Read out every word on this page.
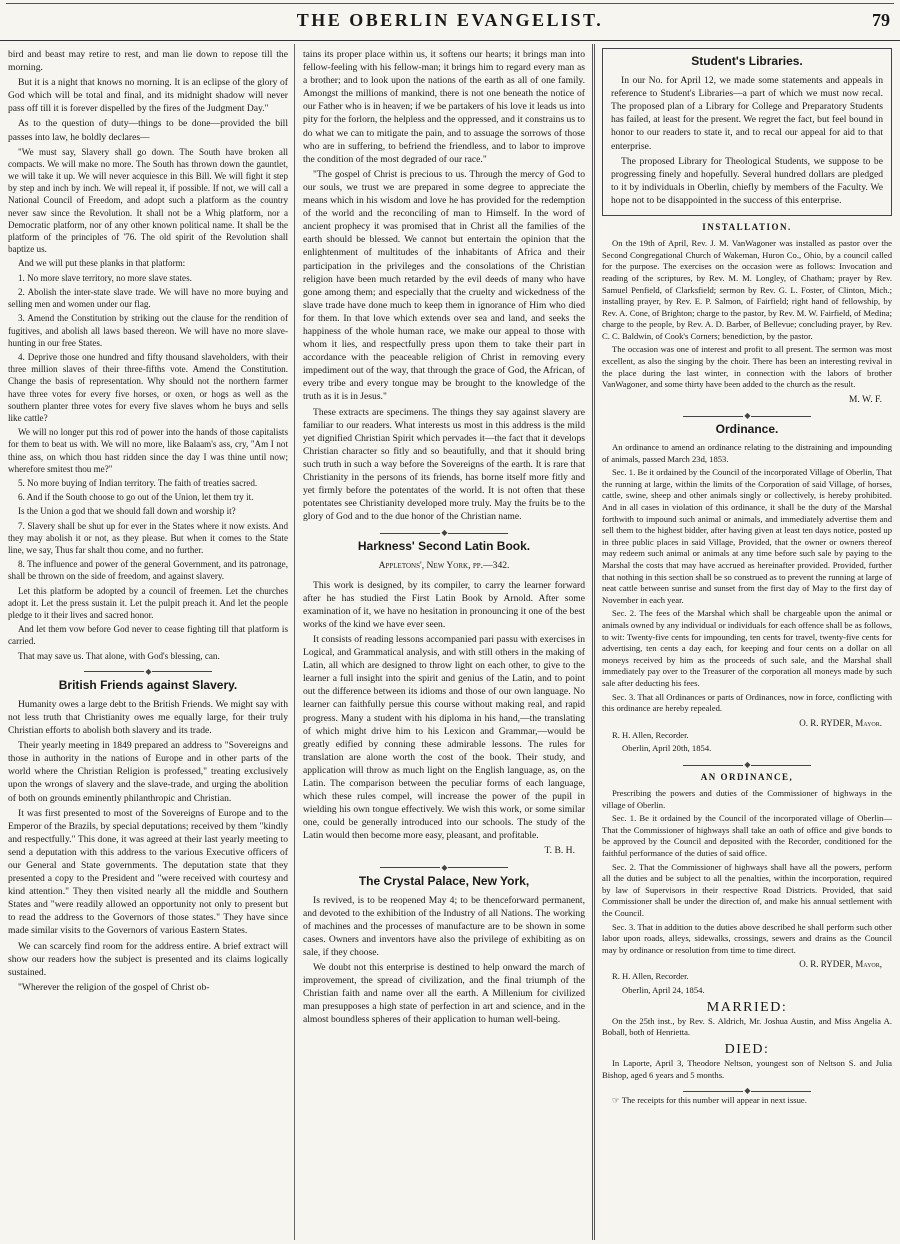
THE OBERLIN EVANGELIST.	79

bird and beast may retire to rest, and man lie down to repose till the morning.

But it is a night that knows no morning. It is an eclipse of the glory of God which will be total and final, and its midnight shadow will never pass off till it is forever dispelled by the fires of the Judgment Day."

As to the question of duty—things to be done—provided the bill passes into law, he boldly declares—

"We must say, Slavery shall go down. The South have broken all compacts. We will make no more. The South has thrown down the gauntlet, we will take it up. We will never acquiesce in this Bill. We will fight it step by step and inch by inch. We will repeal it, if possible. If not, we will call a National Council of Freedom, and adopt such a platform as the country never saw since the Revolution. It shall not be a Whig platform, nor a Democratic platform, nor of any other known political name. It shall be the platform of the principles of '76. The old spirit of the Revolution shall baptize us.

And we will put these planks in that platform:

1. No more slave territory, no more slave states.

2. Abolish the inter-state slave trade. We will have no more buying and selling men and women under our flag.

3. Amend the Constitution by striking out the clause for the rendition of fugitives, and abolish all laws based thereon. We will have no more slave-hunting in our free States.

4. Deprive those one hundred and fifty thousand slaveholders, with their three million slaves of their three-fifths vote. Amend the Constitution. Change the basis of representation. Why should not the northern farmer have three votes for every five horses, or oxen, or hogs as well as the southern planter three votes for every five slaves whom he buys and sells like cattle?

We will no longer put this rod of power into the hands of those capitalists for them to beat us with. We will no more, like Balaam's ass, cry, "Am I not thine ass, on which thou hast ridden since the day I was thine until now; wherefore smitest thou me?"

5. No more buying of Indian territory. The faith of treaties sacred.

6. And if the South choose to go out of the Union, let them try it.

Is the Union a god that we should fall down and worship it?

7. Slavery shall be shut up for ever in the States where it now exists. And they may abolish it or not, as they please. But when it comes to the State line, we say, Thus far shalt thou come, and no further.

8. The influence and power of the general Government, and its patronage, shall be thrown on the side of freedom, and against slavery.

Let this platform be adopted by a council of freemen. Let the churches adopt it. Let the press sustain it. Let the pulpit preach it. And let the people pledge to it their lives and sacred honor.

And let them vow before God never to cease fighting till that platform is carried.

That may save us. That alone, with God's blessing, can.

◆
British Friends against Slavery.

Humanity owes a large debt to the British Friends. We might say with not less truth that Christianity owes me equally large, for their truly Christian efforts to abolish both slavery and its trade.

Their yearly meeting in 1849 prepared an address to "Sovereigns and those in authority in the nations of Europe and in other parts of the world where the Christian Religion is professed," treating exclusively upon the wrongs of slavery and the slave-trade, and urging the abolition of both on grounds eminently philanthropic and Christian.

It was first presented to most of the Sovereigns of Europe and to the Emperor of the Brazils, by special deputations; received by them "kindly and respectfully." This done, it was agreed at their last yearly meeting to send a deputation with this address to the various Executive officers of our General and State governments. The deputation state that they presented a copy to the President and "were received with courtesy and kind attention." They then visited nearly all the middle and Southern States and "were readily allowed an opportunity not only to present but to read the address to the Governors of those states." They have since made similar visits to the Governors of various Eastern States.

We can scarcely find room for the address entire. A brief extract will show our readers how the subject is presented and its claims logically sustained.

"Wherever the religion of the gospel of Christ ob-

tains its proper place within us, it softens our hearts; it brings man into fellow-feeling with his fellow-man; it brings him to regard every man as a brother; and to look upon the nations of the earth as all of one family. Amongst the millions of mankind, there is not one beneath the notice of our Father who is in heaven; if we be partakers of his love it leads us into pity for the forlorn, the helpless and the oppressed, and it constrains us to do what we can to mitigate the pain, and to assuage the sorrows of those who are in suffering, to befriend the friendless, and to labor to improve the condition of the most degraded of our race."

"The gospel of Christ is precious to us. Through the mercy of God to our souls, we trust we are prepared in some degree to appreciate the means which in his wisdom and love he has provided for the redemption of the world and the reconciling of man to Himself. In the word of ancient prophecy it was promised that in Christ all the families of the earth should be blessed. We cannot but entertain the opinion that the enlightenment of multitudes of the inhabitants of Africa and their participation in the privileges and the consolations of the Christian religion have been much retarded by the evil deeds of many who have gone among them; and especially that the cruelty and wickedness of the slave trade have done much to keep them in ignorance of Him who died for them. In that love which extends over sea and land, and seeks the happiness of the whole human race, we make our appeal to those with whom it lies, and respectfully press upon them to take their part in accordance with the peaceable religion of Christ in removing every impediment out of the way, that through the grace of God, the African, of every tribe and every tongue may be brought to the knowledge of the truth as it is in Jesus."

These extracts are specimens. The things they say against slavery are familiar to our readers. What interests us most in this address is the mild yet dignified Christian Spirit which pervades it—the fact that it develops Christian character so fitly and so beautifully, and that it should bring such truth in such a way before the Sovereigns of the earth. It is rare that Christianity in the persons of its friends, has borne itself more fitly and yet firmly before the potentates of the world. It is not often that these potentates see Christianity developed more truly. May the fruits be to the glory of God and to the due honor of the Christian name.

◆
Harkness' Second Latin Book.
Appletons', New York, pp.—342.

This work is designed, by its compiler, to carry the learner forward after he has studied the First Latin Book by Arnold. After some examination of it, we have no hesitation in pronouncing it one of the best works of the kind we have ever seen.

It consists of reading lessons accompanied pari passu with exercises in Logical, and Grammatical analysis, and with still others in the making of Latin, all which are designed to throw light on each other, to give to the learner a full insight into the spirit and genius of the Latin, and to point out the difference between its idioms and those of our own language. No learner can faithfully persue this course without making real, and rapid progress. Many a student with his diploma in his hand,—the translating of which might drive him to his Lexicon and Grammar,—would be greatly edified by conning these admirable lessons. The rules for translation are alone worth the cost of the book. Their study, and application will throw as much light on the English language, as, on the Latin. The comparison between the peculiar forms of each language, which these rules compel, will increase the power of the pupil in wielding his own tongue effectively. We wish this work, or some similar one, could be generally introduced into our schools. The study of the Latin would then become more easy, pleasant, and profitable.

T. B. H.
◆
The Crystal Palace, New York,

Is revived, is to be reopened May 4; to be thenceforward permanent, and devoted to the exhibition of the Industry of all Nations. The working of machines and the processes of manufacture are to be shown in some cases. Owners and inventors have also the privilege of exhibiting as on sale, if they choose.

We doubt not this enterprise is destined to help onward the march of improvement, the spread of civilization, and the final triumph of the Christian faith and name over all the earth. A Millenium for civilized man presupposes a high state of perfection in art and science, and in the almost boundless spheres of their application to human well-being.

Student's Libraries.

In our No. for April 12, we made some statements and appeals in reference to Student's Libraries—a part of which we must now recal. The proposed plan of a Library for College and Preparatory Students has failed, at least for the present. We regret the fact, but feel bound in honor to our readers to state it, and to recal our appeal for aid to that enterprise.

The proposed Library for Theological Students, we suppose to be progressing finely and hopefully. Several hundred dollars are pledged to it by individuals in Oberlin, chiefly by members of the Faculty. We hope not to be disappointed in the success of this enterprise.

INSTALLATION.

On the 19th of April, Rev. J. M. VanWagoner was installed as pastor over the Second Congregational Church of Wakeman, Huron Co., Ohio, by a council called for the purpose. The exercises on the occasion were as follows: Invocation and reading of the scriptures, by Rev. M. M. Longley, of Chatham; prayer by Rev. Samuel Penfield, of Clarksfield; sermon by Rev. G. L. Foster, of Clinton, Mich.; installing prayer, by Rev. E. P. Salmon, of Fairfield; right hand of fellowship, by Rev. A. Cone, of Brighton; charge to the pastor, by Rev. M. W. Fairfield, of Medina; charge to the people, by Rev. A. D. Barber, of Bellevue; concluding prayer, by Rev. C. C. Baldwin, of Cook's Corners; benediction, by the pastor.

The occasion was one of interest and profit to all present. The sermon was most excellent, as also the singing by the choir. There has been an interesting revival in the place during the last winter, in connection with the labors of brother VanWagoner, and some thirty have been added to the church as the result.

M. W. F.
◆
Ordinance.

An ordinance to amend an ordinance relating to the distraining and impounding of animals, passed March 23d, 1853.

Sec. 1. Be it ordained by the Council of the incorporated Village of Oberlin, That the running at large, within the limits of the Corporation of said Village, of horses, cattle, swine, sheep and other animals singly or collectively, is hereby prohibited. And in all cases in violation of this ordinance, it shall be the duty of the Marshal forthwith to impound such animal or animals, and immediately advertise them and sell them to the highest bidder, after having given at least ten days notice, posted up in three public places in said Village, Provided, that the owner or owners thereof may redeem such animal or animals at any time before such sale by paying to the Marshal the costs that may have accrued as hereinafter provided. Provided, further that nothing in this section shall be so construed as to prevent the running at large of neat cattle between sunrise and sunset from the first day of May to the first day of November in each year.

Sec. 2. The fees of the Marshal which shall be chargeable upon the animal or animals owned by any individual or individuals for each offence shall be as follows, to wit: Twenty-five cents for impounding, ten cents for travel, twenty-five cents for advertising, ten cents a day each, for keeping and four cents on a dollar on all moneys received by him as the proceeds of such sale, and the Marshal shall immediately pay over to the Treasurer of the corporation all moneys made by such sale after deducting his fees.

Sec. 3. That all Ordinances or parts of Ordinances, now in force, conflicting with this ordinance are hereby repealed.

O. R. RYDER, Mayor.

R. H. Allen, Recorder.

Oberlin, April 20th, 1854.

◆
AN ORDINANCE,

Prescribing the powers and duties of the Commissioner of highways in the village of Oberlin.

Sec. 1. Be it ordained by the Council of the incorporated village of Oberlin—That the Commissioner of highways shall take an oath of office and give bonds to be approved by the Council and deposited with the Recorder, conditioned for the faithful performance of the duties of said office.

Sec. 2. That the Commissioner of highways shall have all the powers, perform all the duties and be subject to all the penalties, within the incorporation, required by law of Supervisors in their respective Road Districts. Provided, that said Commissioner shall be under the direction of, and make his annual settlement with the Council.

Sec. 3. That in addition to the duties above described he shall perform such other labor upon roads, alleys, sidewalks, crossings, sewers and drains as the Council may by ordinance or resolution from time to time direct.

O. R. RYDER, Mayor,

R. H. Allen, Recorder.

Oberlin, April 24, 1854.

MARRIED:

On the 25th inst., by Rev. S. Aldrich, Mr. Joshua Austin, and Miss Angelia A. Boball, both of Henrietta.

DIED:

In Laporte, April 3, Theodore Neltson, youngest son of Neltson S. and Julia Bishop, aged 6 years and 5 months.

◆

☞ The receipts for this number will appear in next issue.
